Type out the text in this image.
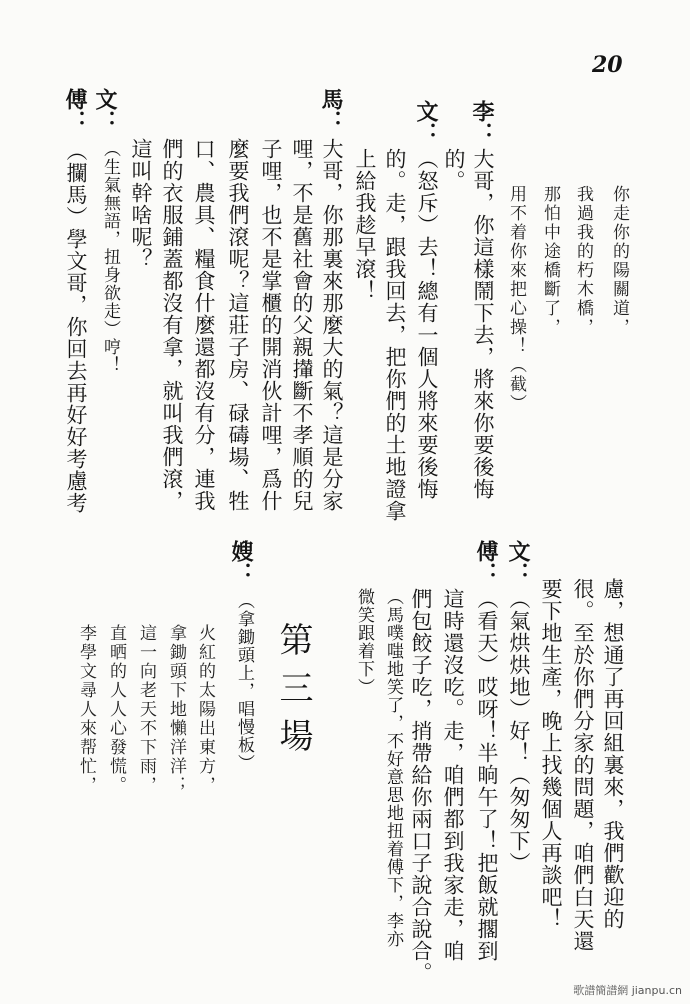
20
你走你的陽關道，
我過我的朽木橋，
那怕中途橋斷了，
用不着你來把心操！（截）
李：
大哥，你這樣鬧下去，將來你要後悔
的。
文：
（怒斥）去！總有一個人將來要後悔
的。走，跟我回去，把你們的土地證拿
上給我趁早滾！
馬：
大哥，你那裏來那麼大的氣？這是分家
哩，不是舊社會的父親攆斷不孝順的兒
子哩，也不是掌櫃的開消伙計哩，爲什
麼要我們滾呢？這莊子房、碌碡場、牲
口、農具、糧食什麼還都沒有分，連我
們的衣服鋪蓋都沒有拿，就叫我們滾，
這叫幹啥呢？
文：
（生氣無語，扭身欲走）哼！
傅：
（攔馬）學文哥，你回去再好好考慮考
慮，想通了再回組裏來，我們歡迎的
很。至於你們分家的問題，咱們白天還
要下地生產，晚上找幾個人再談吧！
文：
（氣烘烘地）好！（匆匆下）
傅：
（看天）哎呀！半晌午了！把飯就擱到
這時還沒吃。走，咱們都到我家走，咱
們包餃子吃，捎帶給你兩口子說合說合。
（馬噗嗤地笑了，不好意思地扭着傅下，李亦
微笑跟着下）
第三場
嫂：
（拿鋤頭上，唱慢板）
火紅的太陽出東方，
拿鋤頭下地懶洋洋；
這一向老天不下雨，
直晒的人人心發慌。
李學文尋人來帮忙，
歌譜簡譜網 jianpu.cn
